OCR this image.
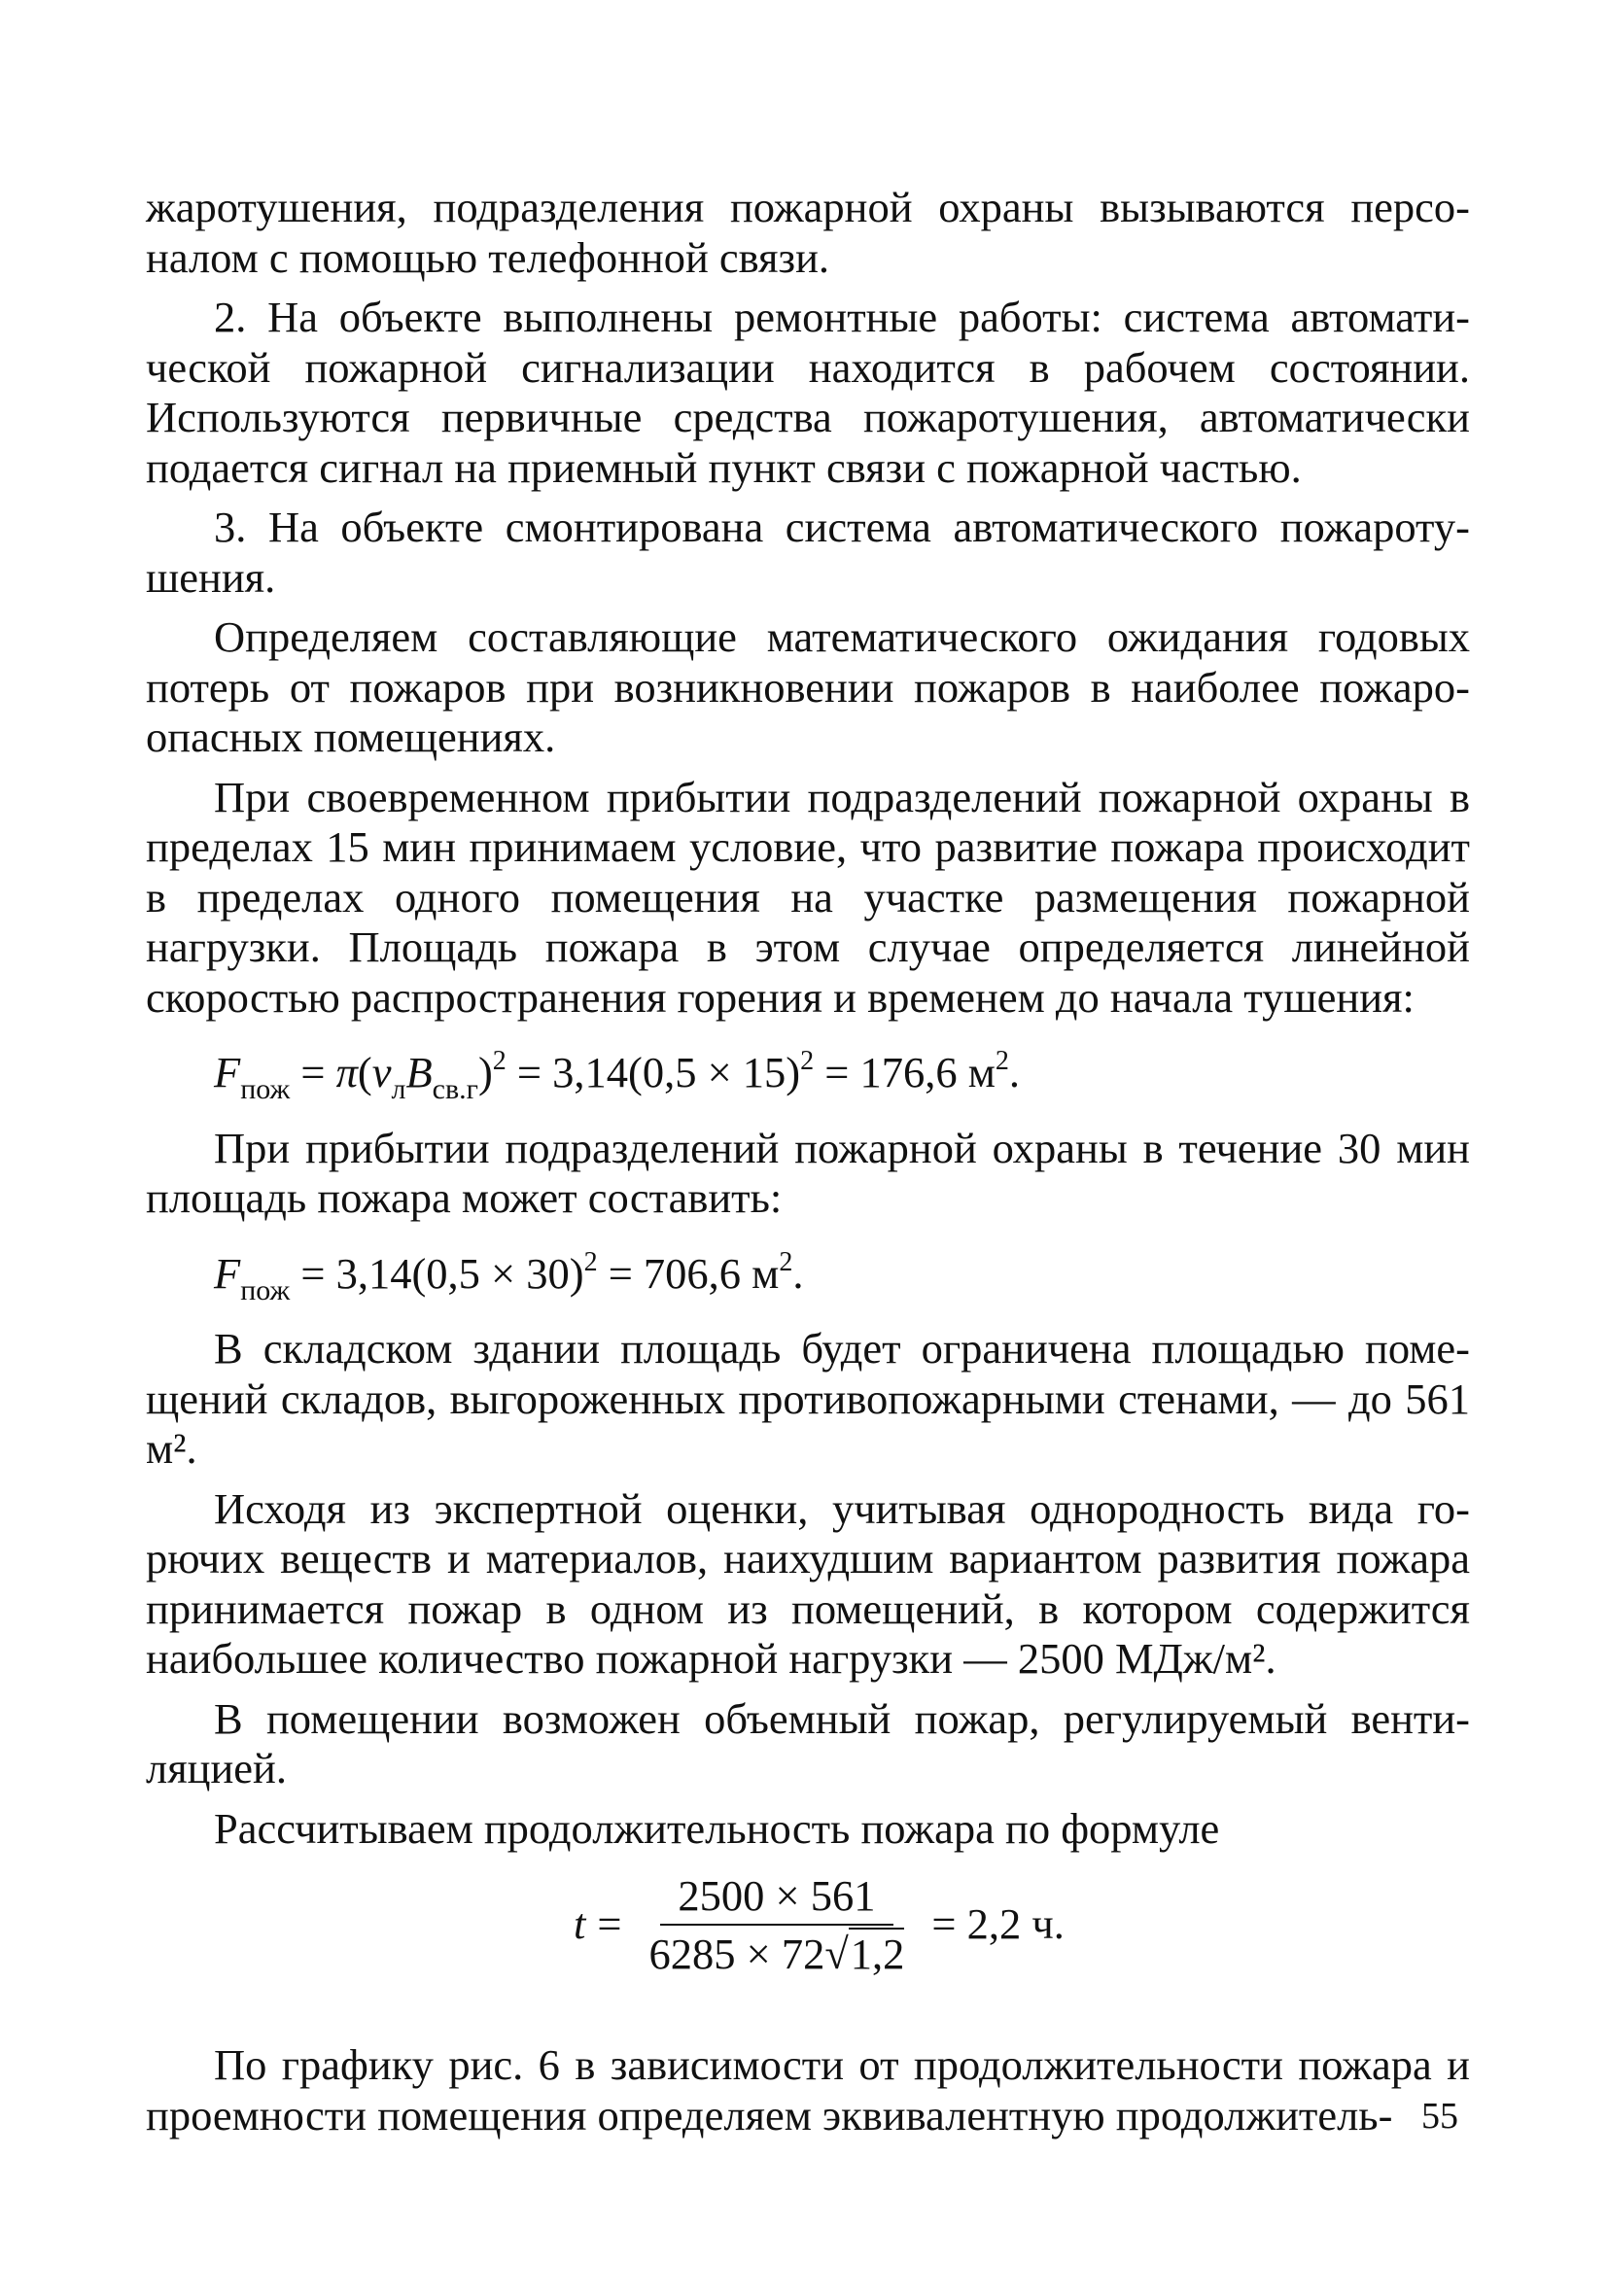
жаротушения, подразделения пожарной охраны вызываются персоналом с помощью телефонной связи.

2. На объекте выполнены ремонтные работы: система автоматической пожарной сигнализации находится в рабочем состоянии. Используются первичные средства пожаротушения, автоматически подается сигнал на приемный пункт связи с пожарной частью.

3. На объекте смонтирована система автоматического пожаротушения.

Определяем составляющие математического ожидания годовых потерь от пожаров при возникновении пожаров в наиболее пожароопасных помещениях.

При своевременном прибытии подразделений пожарной охраны в пределах 15 мин принимаем условие, что развитие пожара происходит в пределах одного помещения на участке размещения пожарной нагрузки. Площадь пожара в этом случае определяется линейной скоростью распространения горения и временем до начала тушения:

$F_{пож} = \pi(v_лB_{св.г})^2 = 3,14(0,5 \times 15)^2 = 176,6$ $м^2$.

При прибытии подразделений пожарной охраны в течение 30 мин площадь пожара может составить:

$F_{пож} = 3,14(0,5 \times 30)^2 = 706,6$ $м^2$.

В складском здании площадь будет ограничена площадью помещений складов, выгороженных противопожарными стенами, — до 561 м².

Исходя из экспертной оценки, учитывая однородность вида горючих веществ и материалов, наихудшим вариантом развития пожара принимается пожар в одном из помещений, в котором содержится наибольшее количество пожарной нагрузки — 2500 МДж/м².

В помещении возможен объемный пожар, регулируемый вентиляцией.

Рассчитываем продолжительность пожара по формуле

$t = \frac{2500 \times 561}{6285 \times 72√1,2} = 2,2$ ч.

По графику рис. 6 в зависимости от продолжительности пожара и проемности помещения определяем эквивалентную продолжитель- 55
